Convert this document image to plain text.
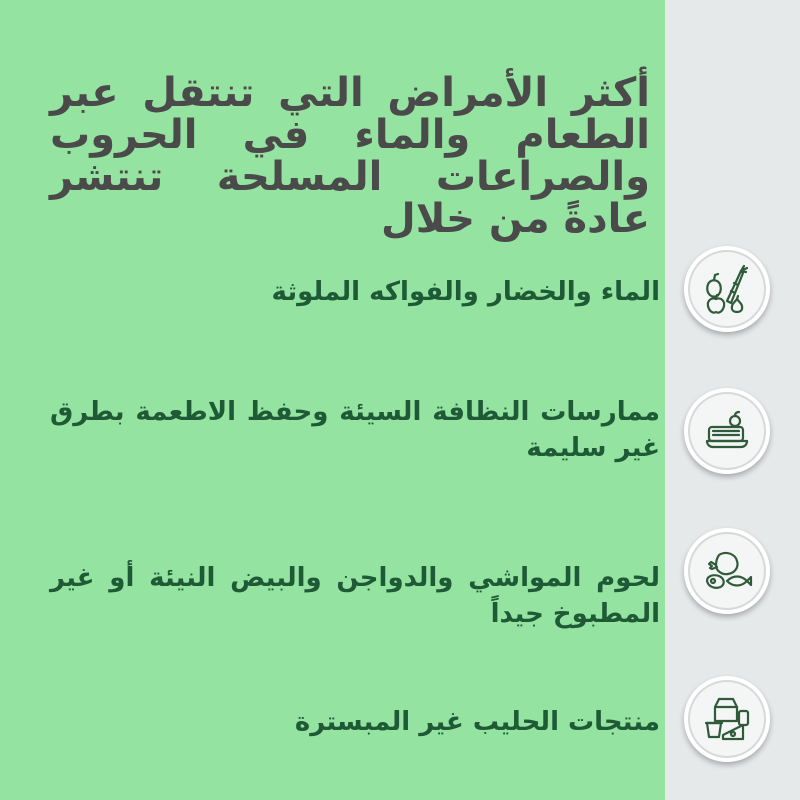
أكثر الأمراض التي تنتقل عبر الطعام والماء في الحروب والصراعات المسلحة تنتشر عادةً من خلال

الماء والخضار والفواكه الملوثة

ممارسات النظافة السيئة وحفظ الاطعمة بطرق غير سليمة

لحوم المواشي والدواجن والبيض النيئة أو غير المطبوخ جيداً

منتجات الحليب غير المبسترة
